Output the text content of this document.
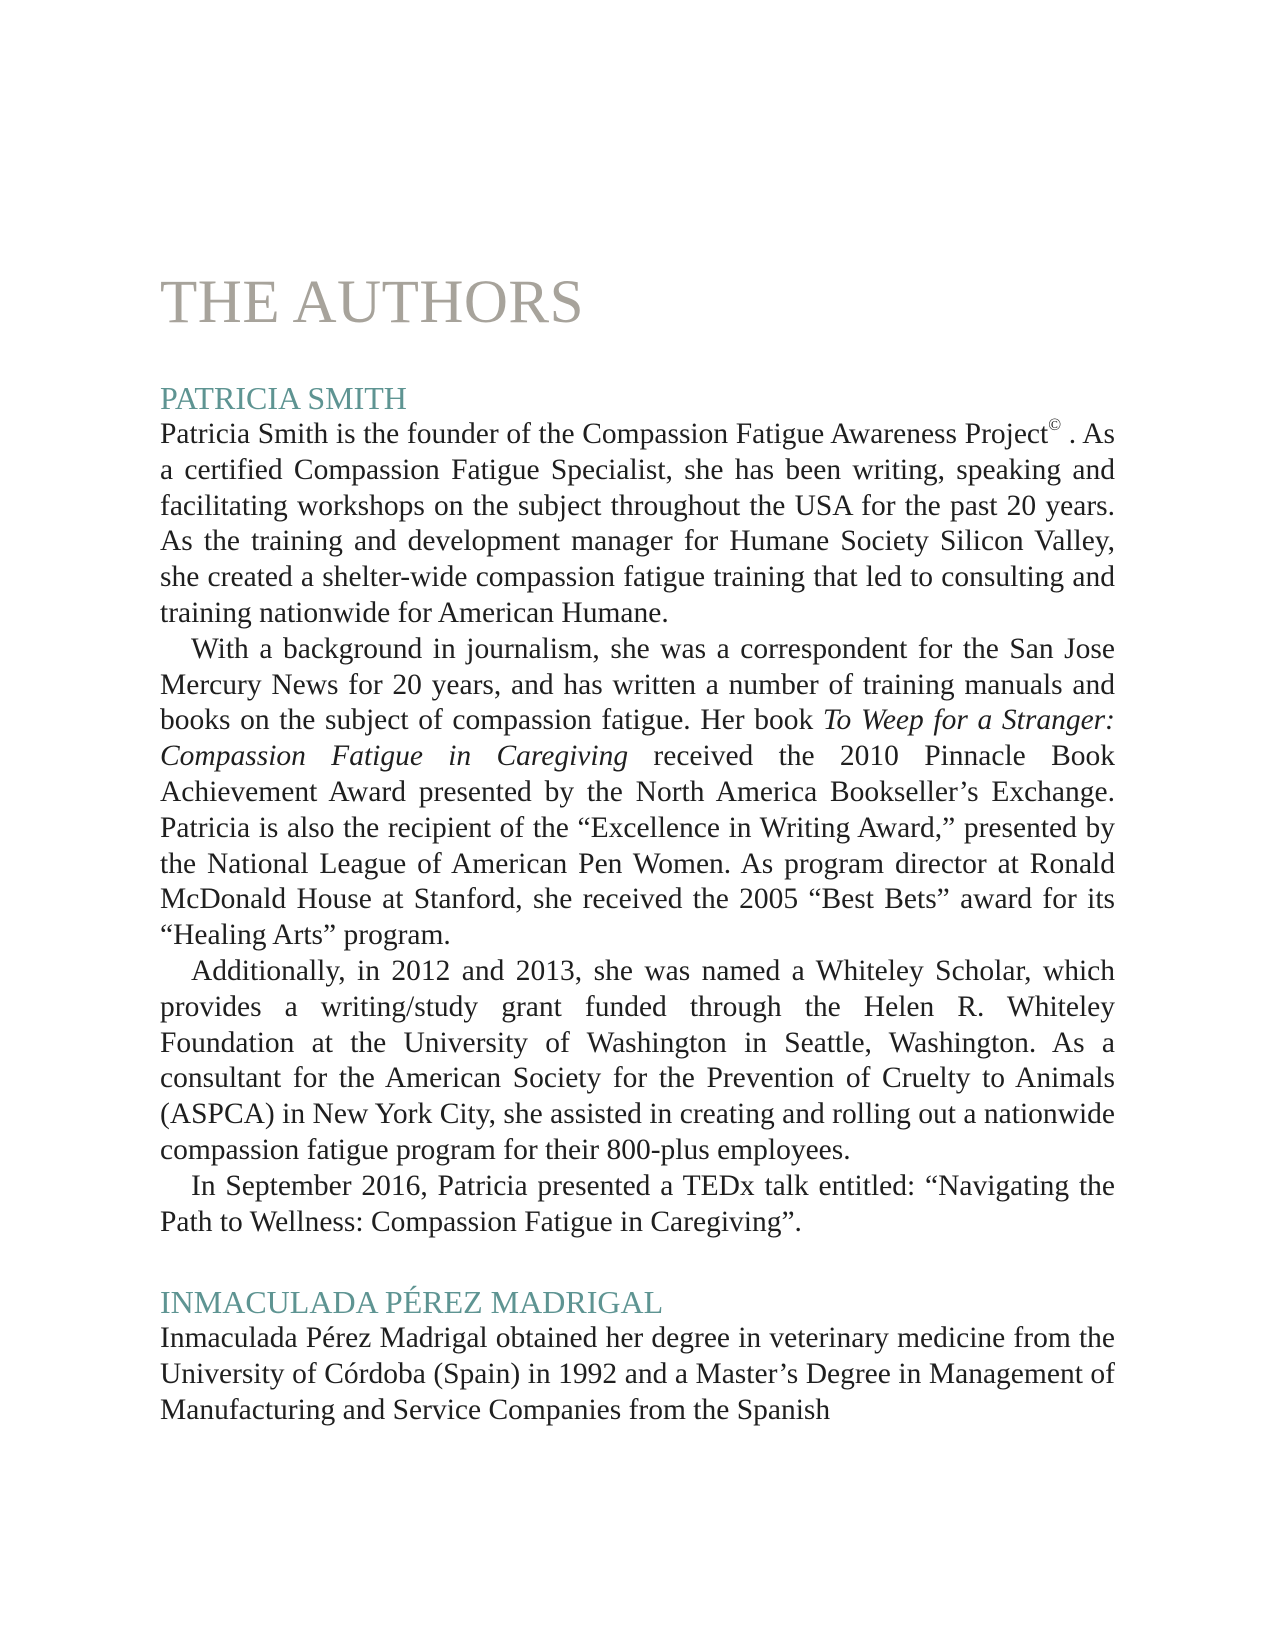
THE AUTHORS
PATRICIA SMITH

Patricia Smith is the founder of the Compassion Fatigue Awareness Project© . As a certified Compassion Fatigue Specialist, she has been writing, speaking and facilitating workshops on the subject throughout the USA for the past 20 years. As the training and development manager for Humane Society Silicon Valley, she created a shelter-wide compassion fatigue training that led to consulting and training nationwide for American Humane.

With a background in journalism, she was a correspondent for the San Jose Mercury News for 20 years, and has written a number of training manuals and books on the subject of compassion fatigue. Her book To Weep for a Stranger: Compassion Fatigue in Caregiving received the 2010 Pinnacle Book Achievement Award presented by the North America Bookseller’s Exchange. Patricia is also the recipient of the “Excellence in Writing Award,” presented by the National League of American Pen Women. As program director at Ronald McDonald House at Stanford, she received the 2005 “Best Bets” award for its “Healing Arts” program.

Additionally, in 2012 and 2013, she was named a Whiteley Scholar, which provides a writing/study grant funded through the Helen R. Whiteley Foundation at the University of Washington in Seattle, Washington. As a consultant for the American Society for the Prevention of Cruelty to Animals (ASPCA) in New York City, she assisted in creating and rolling out a nationwide compassion fatigue program for their 800-plus employees.

In September 2016, Patricia presented a TEDx talk entitled: “Navigating the Path to Wellness: Compassion Fatigue in Caregiving”.

INMACULADA PÉREZ MADRIGAL

Inmaculada Pérez Madrigal obtained her degree in veterinary medicine from the University of Córdoba (Spain) in 1992 and a Master’s Degree in Management of Manufacturing and Service Companies from the Spanish
